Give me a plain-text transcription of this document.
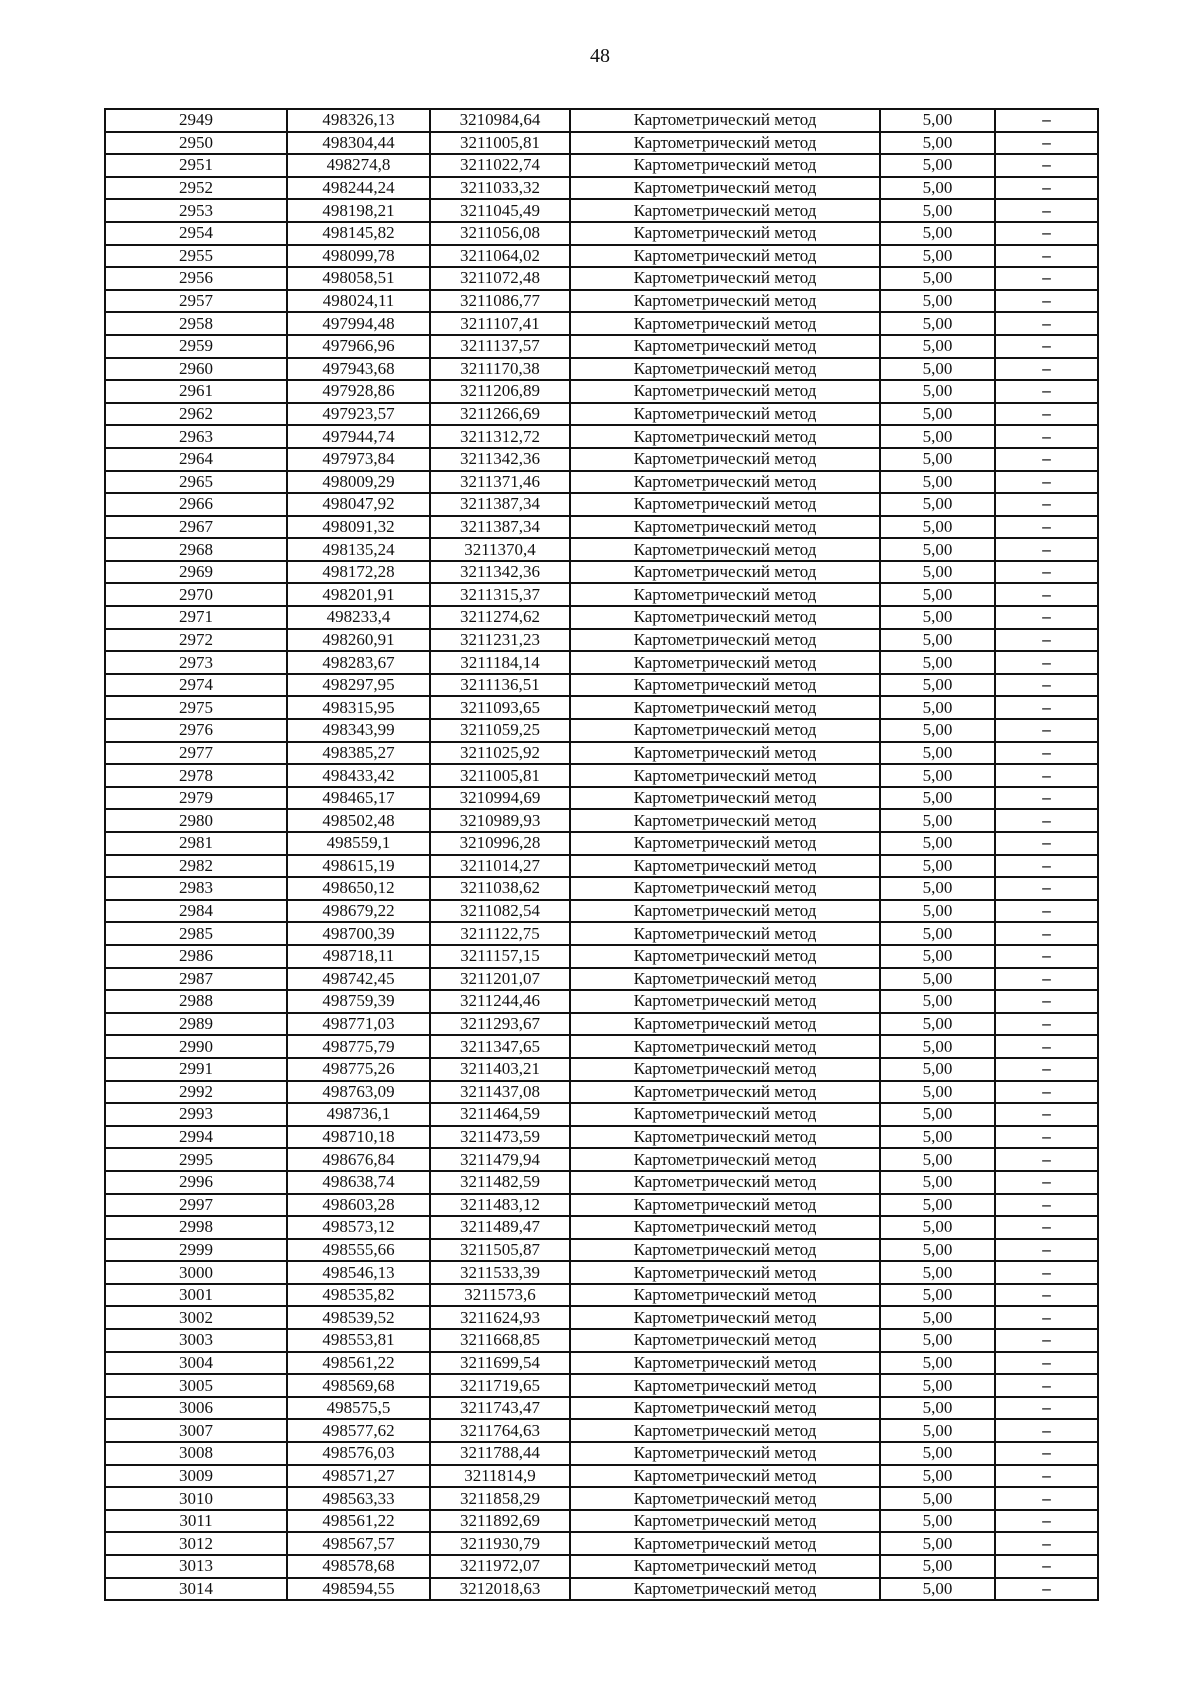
48
2949	498326,13	3210984,64	Картометрический метод	5,00	–
2950	498304,44	3211005,81	Картометрический метод	5,00	–
2951	498274,8	3211022,74	Картометрический метод	5,00	–
2952	498244,24	3211033,32	Картометрический метод	5,00	–
2953	498198,21	3211045,49	Картометрический метод	5,00	–
2954	498145,82	3211056,08	Картометрический метод	5,00	–
2955	498099,78	3211064,02	Картометрический метод	5,00	–
2956	498058,51	3211072,48	Картометрический метод	5,00	–
2957	498024,11	3211086,77	Картометрический метод	5,00	–
2958	497994,48	3211107,41	Картометрический метод	5,00	–
2959	497966,96	3211137,57	Картометрический метод	5,00	–
2960	497943,68	3211170,38	Картометрический метод	5,00	–
2961	497928,86	3211206,89	Картометрический метод	5,00	–
2962	497923,57	3211266,69	Картометрический метод	5,00	–
2963	497944,74	3211312,72	Картометрический метод	5,00	–
2964	497973,84	3211342,36	Картометрический метод	5,00	–
2965	498009,29	3211371,46	Картометрический метод	5,00	–
2966	498047,92	3211387,34	Картометрический метод	5,00	–
2967	498091,32	3211387,34	Картометрический метод	5,00	–
2968	498135,24	3211370,4	Картометрический метод	5,00	–
2969	498172,28	3211342,36	Картометрический метод	5,00	–
2970	498201,91	3211315,37	Картометрический метод	5,00	–
2971	498233,4	3211274,62	Картометрический метод	5,00	–
2972	498260,91	3211231,23	Картометрический метод	5,00	–
2973	498283,67	3211184,14	Картометрический метод	5,00	–
2974	498297,95	3211136,51	Картометрический метод	5,00	–
2975	498315,95	3211093,65	Картометрический метод	5,00	–
2976	498343,99	3211059,25	Картометрический метод	5,00	–
2977	498385,27	3211025,92	Картометрический метод	5,00	–
2978	498433,42	3211005,81	Картометрический метод	5,00	–
2979	498465,17	3210994,69	Картометрический метод	5,00	–
2980	498502,48	3210989,93	Картометрический метод	5,00	–
2981	498559,1	3210996,28	Картометрический метод	5,00	–
2982	498615,19	3211014,27	Картометрический метод	5,00	–
2983	498650,12	3211038,62	Картометрический метод	5,00	–
2984	498679,22	3211082,54	Картометрический метод	5,00	–
2985	498700,39	3211122,75	Картометрический метод	5,00	–
2986	498718,11	3211157,15	Картометрический метод	5,00	–
2987	498742,45	3211201,07	Картометрический метод	5,00	–
2988	498759,39	3211244,46	Картометрический метод	5,00	–
2989	498771,03	3211293,67	Картометрический метод	5,00	–
2990	498775,79	3211347,65	Картометрический метод	5,00	–
2991	498775,26	3211403,21	Картометрический метод	5,00	–
2992	498763,09	3211437,08	Картометрический метод	5,00	–
2993	498736,1	3211464,59	Картометрический метод	5,00	–
2994	498710,18	3211473,59	Картометрический метод	5,00	–
2995	498676,84	3211479,94	Картометрический метод	5,00	–
2996	498638,74	3211482,59	Картометрический метод	5,00	–
2997	498603,28	3211483,12	Картометрический метод	5,00	–
2998	498573,12	3211489,47	Картометрический метод	5,00	–
2999	498555,66	3211505,87	Картометрический метод	5,00	–
3000	498546,13	3211533,39	Картометрический метод	5,00	–
3001	498535,82	3211573,6	Картометрический метод	5,00	–
3002	498539,52	3211624,93	Картометрический метод	5,00	–
3003	498553,81	3211668,85	Картометрический метод	5,00	–
3004	498561,22	3211699,54	Картометрический метод	5,00	–
3005	498569,68	3211719,65	Картометрический метод	5,00	–
3006	498575,5	3211743,47	Картометрический метод	5,00	–
3007	498577,62	3211764,63	Картометрический метод	5,00	–
3008	498576,03	3211788,44	Картометрический метод	5,00	–
3009	498571,27	3211814,9	Картометрический метод	5,00	–
3010	498563,33	3211858,29	Картометрический метод	5,00	–
3011	498561,22	3211892,69	Картометрический метод	5,00	–
3012	498567,57	3211930,79	Картометрический метод	5,00	–
3013	498578,68	3211972,07	Картометрический метод	5,00	–
3014	498594,55	3212018,63	Картометрический метод	5,00	–
